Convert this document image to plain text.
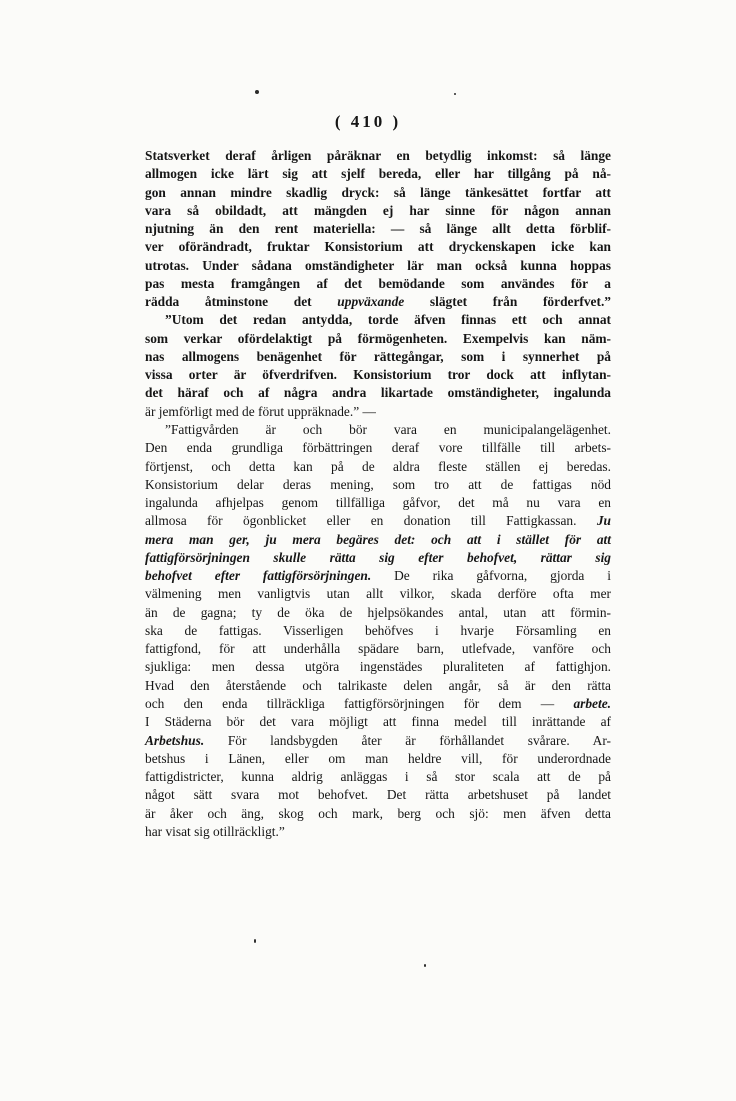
( 410 )
Statsverket deraf årligen påräknar en betydlig inkomst: så länge
allmogen icke lärt sig att sjelf bereda, eller har tillgång på nå-
gon annan mindre skadlig dryck: så länge tänkesättet fortfar att
vara så obildadt, att mängden ej har sinne för någon annan
njutning än den rent materiella: — så länge allt detta förblif-
ver oförändradt, fruktar Konsistorium att dryckenskapen icke kan
utrotas. Under sådana omständigheter lär man också kunna hoppas
pas mesta framgången af det bemödande som användes för a
rädda åtminstone det uppväxande slägtet från förderfvet.”
”Utom det redan antydda, torde äfven finnas ett och annat
som verkar ofördelaktigt på förmögenheten. Exempelvis kan näm-
nas allmogens benägenhet för rättegångar, som i synnerhet på
vissa orter är öfverdrifven. Konsistorium tror dock att inflytan-
det häraf och af några andra likartade omständigheter, ingalunda
är jemförligt med de förut uppräknade.” —
”Fattigvården är och bör vara en municipalangelägenhet.
Den enda grundliga förbättringen deraf vore tillfälle till arbets-
förtjenst, och detta kan på de aldra fleste ställen ej beredas.
Konsistorium delar deras mening, som tro att de fattigas nöd
ingalunda afhjelpas genom tillfälliga gåfvor, det må nu vara en
allmosa för ögonblicket eller en donation till Fattigkassan. Ju
mera man ger, ju mera begäres det: och att i stället för att
fattigförsörjningen skulle rätta sig efter behofvet, rättar sig
behofvet efter fattigförsörjningen. De rika gåfvorna, gjorda i
välmening men vanligtvis utan allt vilkor, skada derföre ofta mer
än de gagna; ty de öka de hjelpsökandes antal, utan att förmin-
ska de fattigas. Visserligen behöfves i hvarje Församling en
fattigfond, för att underhålla spädare barn, utlefvade, vanföre och
sjukliga: men dessa utgöra ingenstädes pluraliteten af fattighjon.
Hvad den återstående och talrikaste delen angår, så är den rätta
och den enda tillräckliga fattigförsörjningen för dem — arbete.
I Städerna bör det vara möjligt att finna medel till inrättande af
Arbetshus. För landsbygden åter är förhållandet svårare. Ar-
betshus i Länen, eller om man heldre vill, för underordnade
fattigdistricter, kunna aldrig anläggas i så stor scala att de på
något sätt svara mot behofvet. Det rätta arbetshuset på landet
är åker och äng, skog och mark, berg och sjö: men äfven detta
har visat sig otillräckligt.”
